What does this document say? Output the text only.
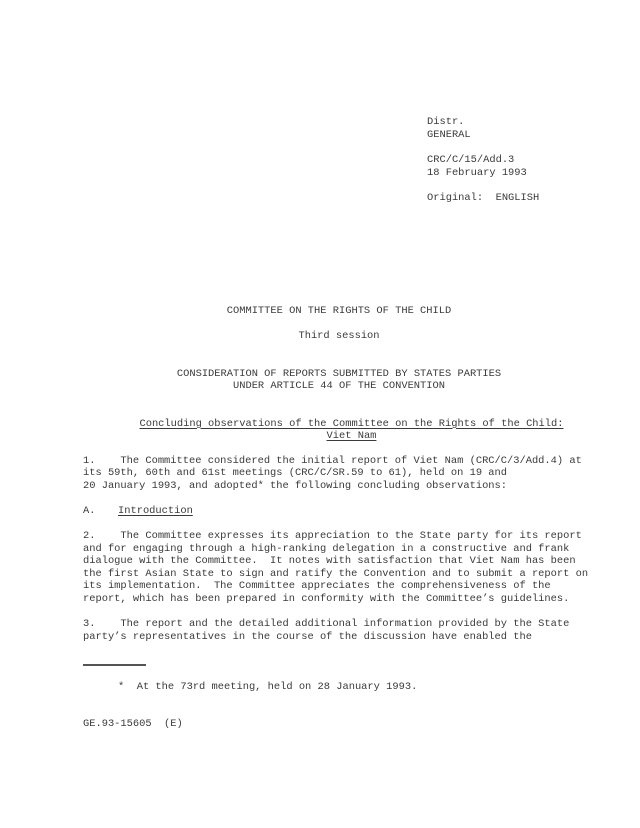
Distr.
GENERAL
CRC/C/15/Add.3
18 February 1993
Original:  ENGLISH
COMMITTEE ON THE RIGHTS OF THE CHILD
Third session
CONSIDERATION OF REPORTS SUBMITTED BY STATES PARTIES
UNDER ARTICLE 44 OF THE CONVENTION

Concluding observations of the Committee on the Rights of the Child:

Viet Nam

1.    The Committee considered the initial report of Viet Nam (CRC/C/3/Add.4) at
its 59th, 60th and 61st meetings (CRC/C/SR.59 to 61), held on 19 and
20 January 1993, and adopted* the following concluding observations:
A. Introduction
2.    The Committee expresses its appreciation to the State party for its report
and for engaging through a high-ranking delegation in a constructive and frank
dialogue with the Committee.  It notes with satisfaction that Viet Nam has been
the first Asian State to sign and ratify the Convention and to submit a report on
its implementation.  The Committee appreciates the comprehensiveness of the
report, which has been prepared in conformity with the Committee’s guidelines.
3.    The report and the detailed additional information provided by the State
party’s representatives in the course of the discussion have enabled the
*  At the 73rd meeting, held on 28 January 1993.
GE.93-15605  (E)
